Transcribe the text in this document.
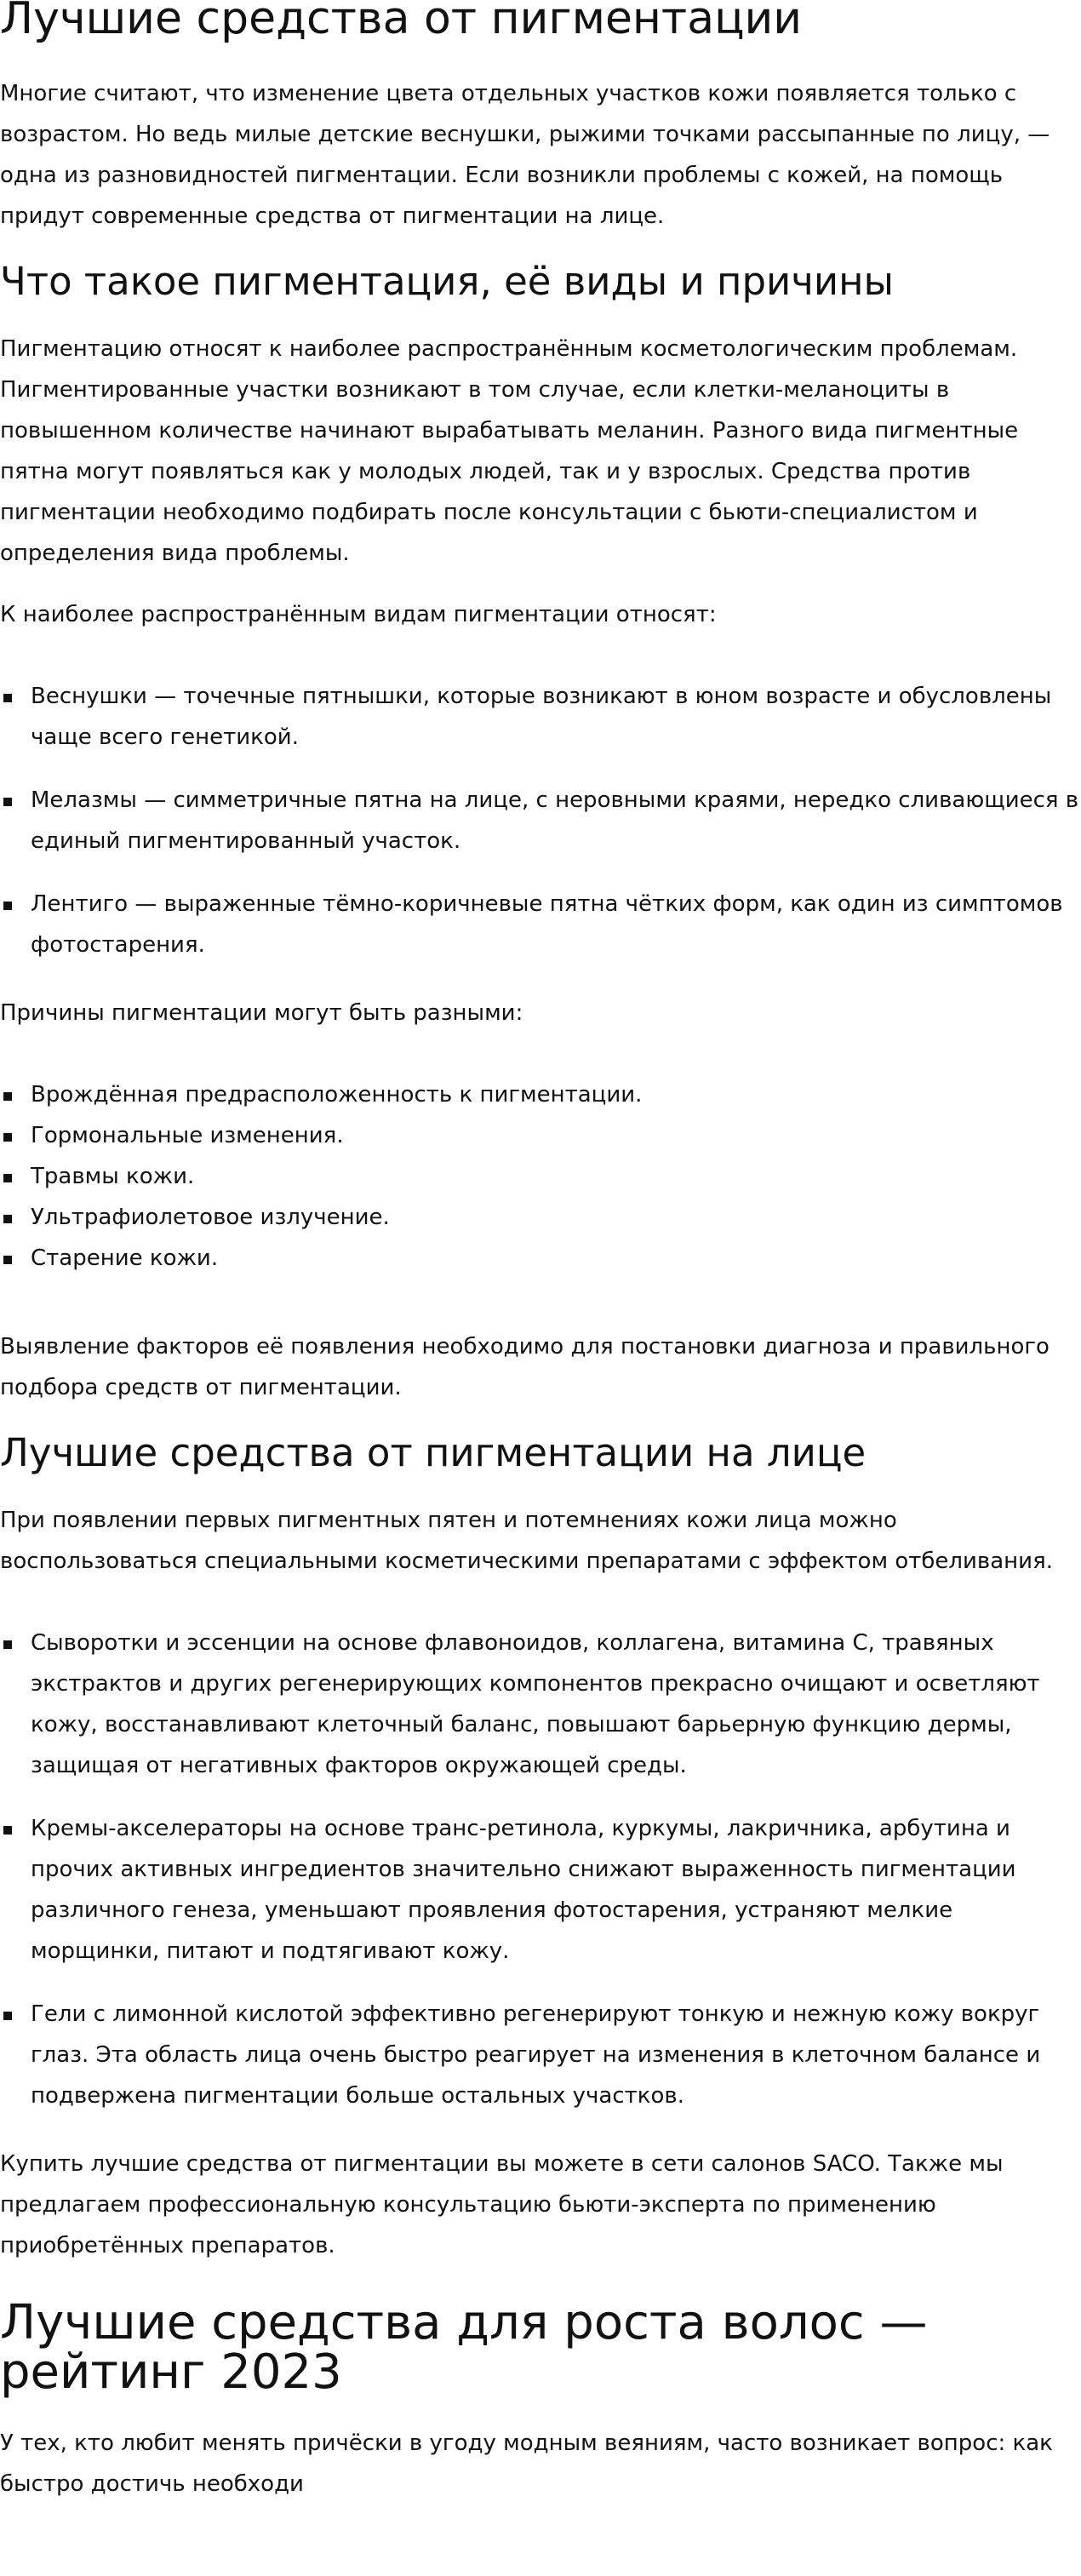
Лучшие средства от пигментации

Многие считают, что изменение цвета отдельных участков кожи появляется только с возрастом. Но ведь милые детские веснушки, рыжими точками рассыпанные по лицу, — одна из разновидностей пигментации. Если возникли проблемы с кожей, на помощь придут современные средства от пигментации на лице.

Что такое пигментация, её виды и причины

Пигментацию относят к наиболее распространённым косметологическим проблемам. Пигментированные участки возникают в том случае, если клетки-меланоциты в повышенном количестве начинают вырабатывать меланин. Разного вида пигментные пятна могут появляться как у молодых людей, так и у взрослых. Средства против пигментации необходимо подбирать после консультации с бьюти-специалистом и определения вида проблемы.

К наиболее распространённым видам пигментации относят:

Веснушки — точечные пятнышки, которые возникают в юном возрасте и обусловлены чаще всего генетикой.
Мелазмы — симметричные пятна на лице, с неровными краями, нередко сливающиеся в единый пигментированный участок.
Лентиго — выраженные тёмно-коричневые пятна чётких форм, как один из симптомов фотостарения.

Причины пигментации могут быть разными:

Врождённая предрасположенность к пигментации.
Гормональные изменения.
Травмы кожи.
Ультрафиолетовое излучение.
Старение кожи.

Выявление факторов её появления необходимо для постановки диагноза и правильного подбора средств от пигментации.

Лучшие средства от пигментации на лице

При появлении первых пигментных пятен и потемнениях кожи лица можно воспользоваться специальными косметическими препаратами с эффектом отбеливания.

Сыворотки и эссенции на основе флавоноидов, коллагена, витамина С, травяных экстрактов и других регенерирующих компонентов прекрасно очищают и осветляют кожу, восстанавливают клеточный баланс, повышают барьерную функцию дермы, защищая от негативных факторов окружающей среды.
Кремы-акселераторы на основе транс-ретинола, куркумы, лакричника, арбутина и прочих активных ингредиентов значительно снижают выраженность пигментации различного генеза, уменьшают проявления фотостарения, устраняют мелкие морщинки, питают и подтягивают кожу.
Гели с лимонной кислотой эффективно регенерируют тонкую и нежную кожу вокруг глаз. Эта область лица очень быстро реагирует на изменения в клеточном балансе и подвержена пигментации больше остальных участков.

Купить лучшие средства от пигментации вы можете в сети салонов SACO. Также мы предлагаем профессиональную консультацию бьюти-эксперта по применению приобретённых препаратов.

Лучшие средства для роста волос —
рейтинг 2023

У тех, кто любит менять причёски в угоду модным веяниям, часто возникает вопрос: как быстро достичь необходи
